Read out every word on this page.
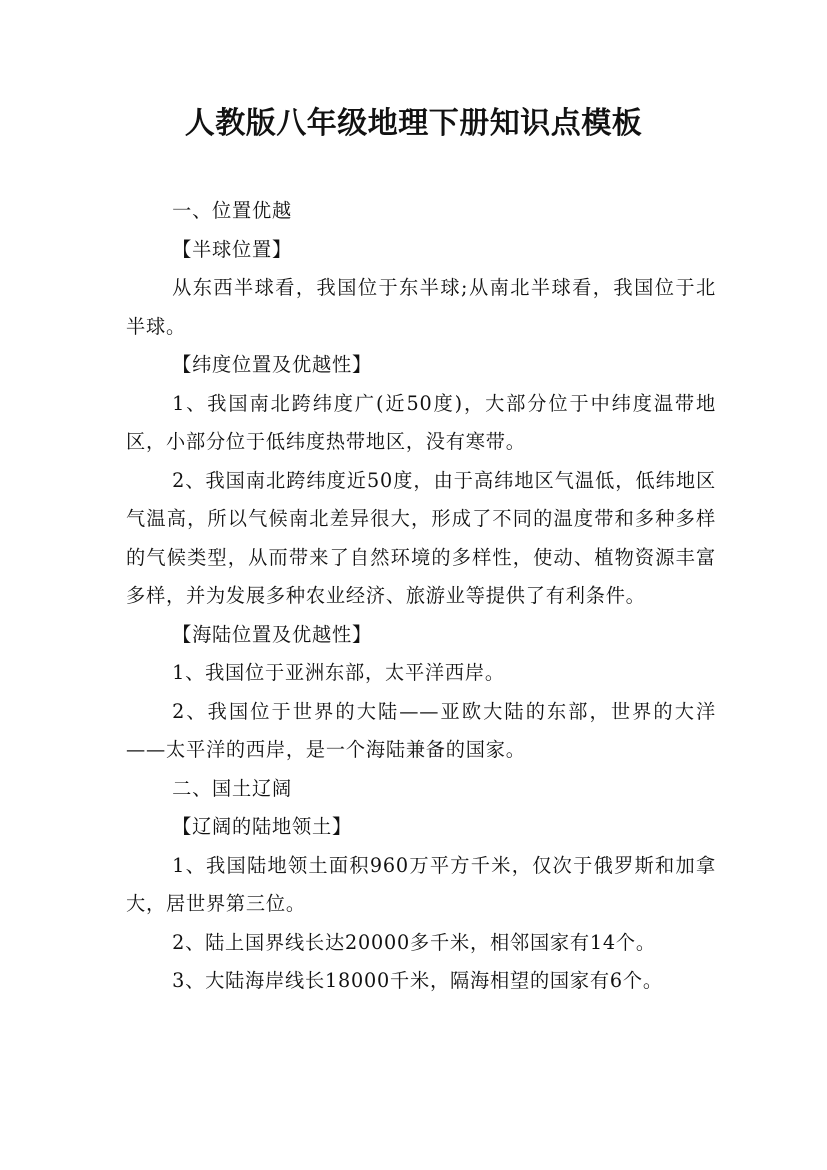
人教版八年级地理下册知识点模板

一、位置优越

【半球位置】

从东西半球看，我国位于东半球;从南北半球看，我国位于北半球。

【纬度位置及优越性】

1、我国南北跨纬度广(近50度)，大部分位于中纬度温带地区，小部分位于低纬度热带地区，没有寒带。

2、我国南北跨纬度近50度，由于高纬地区气温低，低纬地区气温高，所以气候南北差异很大，形成了不同的温度带和多种多样的气候类型，从而带来了自然环境的多样性，使动、植物资源丰富多样，并为发展多种农业经济、旅游业等提供了有利条件。

【海陆位置及优越性】

1、我国位于亚洲东部，太平洋西岸。

2、我国位于世界的大陆——亚欧大陆的东部，世界的大洋——太平洋的西岸，是一个海陆兼备的国家。

二、国土辽阔

【辽阔的陆地领土】

1、我国陆地领土面积960万平方千米，仅次于俄罗斯和加拿大，居世界第三位。

2、陆上国界线长达20000多千米，相邻国家有14个。

3、大陆海岸线长18000千米，隔海相望的国家有6个。
